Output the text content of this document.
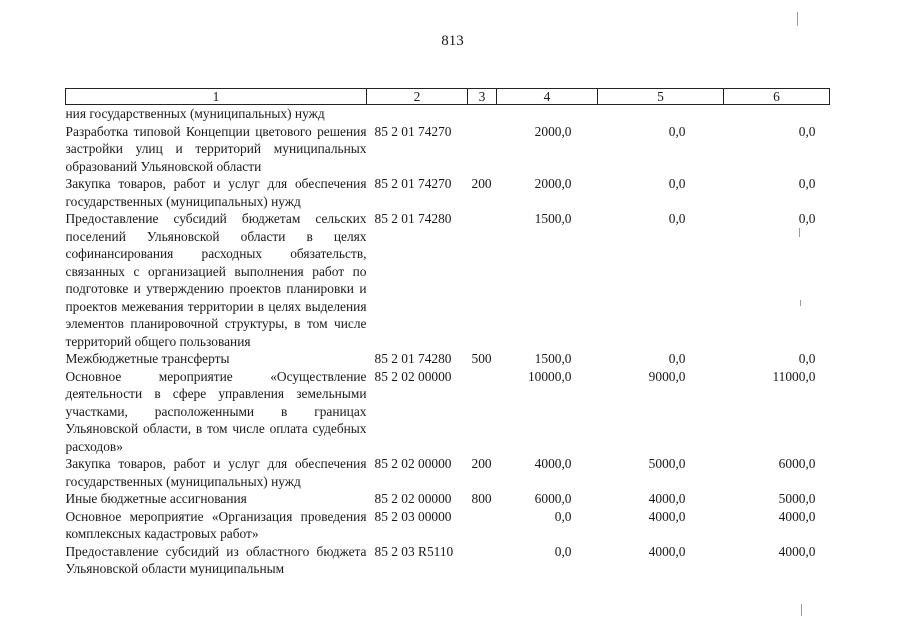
813
1	2	3	4	5	6
ния государственных (муниципальных) нужд					
Разработка типовой Концепции цветового решения застройки улиц и территорий муниципальных образований Ульяновской области	85 2 01 74270		2000,0	0,0	0,0
Закупка товаров, работ и услуг для обеспечения государственных (муниципальных) нужд	85 2 01 74270	200	2000,0	0,0	0,0
Предоставление субсидий бюджетам сельских поселений Ульяновской области в целях софинансирования расходных обязательств, связанных с организацией выполнения работ по подготовке и утверждению проектов планировки и проектов межевания территории в целях выделения элементов планировочной структуры, в том числе территорий общего пользования	85 2 01 74280		1500,0	0,0	0,0
Межбюджетные трансферты	85 2 01 74280	500	1500,0	0,0	0,0
Основное мероприятие «Осуществление деятельности в сфере управления земельными участками, расположенными в границах Ульяновской области, в том числе оплата судебных расходов»	85 2 02 00000		10000,0	9000,0	11000,0
Закупка товаров, работ и услуг для обеспечения государственных (муниципальных) нужд	85 2 02 00000	200	4000,0	5000,0	6000,0
Иные бюджетные ассигнования	85 2 02 00000	800	6000,0	4000,0	5000,0
Основное мероприятие «Организация проведения комплексных кадастровых работ»	85 2 03 00000		0,0	4000,0	4000,0
Предоставление субсидий из областного бюджета Ульяновской области муниципальным	85 2 03 R5110		0,0	4000,0	4000,0
